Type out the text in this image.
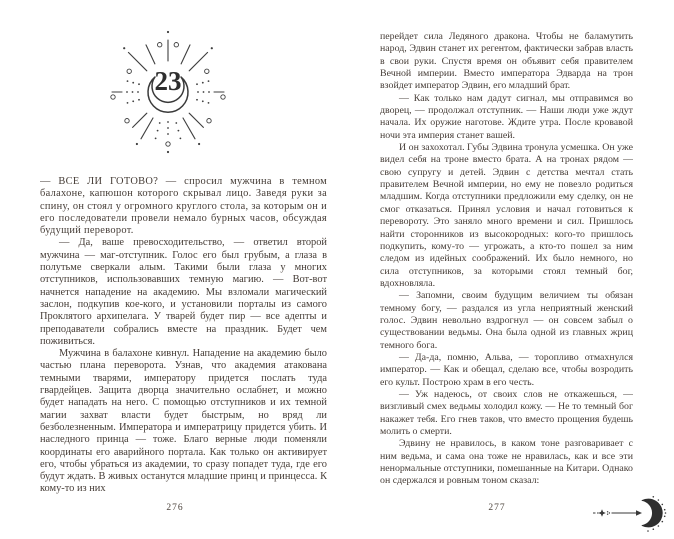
23

— ВСЕ ЛИ ГОТОВО? — спросил мужчина в темном балахоне, капюшон которого скрывал лицо. Заведя руки за спину, он стоял у огромного круглого стола, за которым он и его последователи провели немало бурных часов, обсуждая будущий переворот.

— Да, ваше превосходительство, — ответил второй мужчина — маг-отступник. Голос его был грубым, а глаза в полутьме сверкали алым. Такими были глаза у многих отступников, использовавших темную магию. — Вот-вот начнется нападение на академию. Мы взломали магический заслон, подкупив кое-кого, и установили порталы из самого Проклятого архипелага. У тварей будет пир — все адепты и преподаватели собрались вместе на праздник. Будет чем поживиться.

Мужчина в балахоне кивнул. Нападение на академию было частью плана переворота. Узнав, что академия атакована темными тварями, императору придется послать туда гвардейцев. Защита дворца значительно ослабнет, и можно будет нападать на него. С помощью отступников и их темной магии захват власти будет быстрым, но вряд ли безболезненным. Императора и императрицу придется убить. И наследного принца — тоже. Благо верные люди поменяли координаты его аварийного портала. Как только он активирует его, чтобы убраться из академии, то сразу попадет туда, где его будут ждать. В живых останутся младшие принц и принцесса. К кому-то из них

276

перейдет сила Ледяного дракона. Чтобы не баламутить народ, Эдвин станет их регентом, фактически забрав власть в свои руки. Спустя время он объявит себя правителем Вечной империи. Вместо императора Эдварда на трон взойдет император Эдвин, его младший брат.

— Как только нам дадут сигнал, мы отправимся во дворец, — продолжал отступник. — Наши люди уже ждут начала. Их оружие наготове. Ждите утра. После кровавой ночи эта империя станет вашей.

И он захохотал. Губы Эдвина тронула усмешка. Он уже видел себя на троне вместо брата. А на тронах рядом — свою супругу и детей. Эдвин с детства мечтал стать правителем Вечной империи, но ему не повезло родиться младшим. Когда отступники предложили ему сделку, он не смог отказаться. Принял условия и начал готовиться к перевороту. Это заняло много времени и сил. Пришлось найти сторонников из высокородных: кого-то пришлось подкупить, кому-то — угрожать, а кто-то пошел за ним следом из идейных соображений. Их было немного, но сила отступников, за которыми стоял темный бог, вдохновляла.

— Запомни, своим будущим величием ты обязан темному богу, — раздался из угла неприятный женский голос. Эдвин невольно вздрогнул — он совсем забыл о существовании ведьмы. Она была одной из главных жриц темного бога.

— Да-да, помню, Альва, — торопливо отмахнулся император. — Как и обещал, сделаю все, чтобы возродить его культ. Построю храм в его честь.

— Уж надеюсь, от своих слов не откажешься, — визгливый смех ведьмы холодил кожу. — Не то темный бог накажет тебя. Его гнев таков, что вместо прощения будешь молить о смерти.

Эдвину не нравилось, в каком тоне разговаривает с ним ведьма, и сама она тоже не нравилась, как и все эти ненормальные отступники, помешанные на Китари. Однако он сдержался и ровным тоном сказал:

277
